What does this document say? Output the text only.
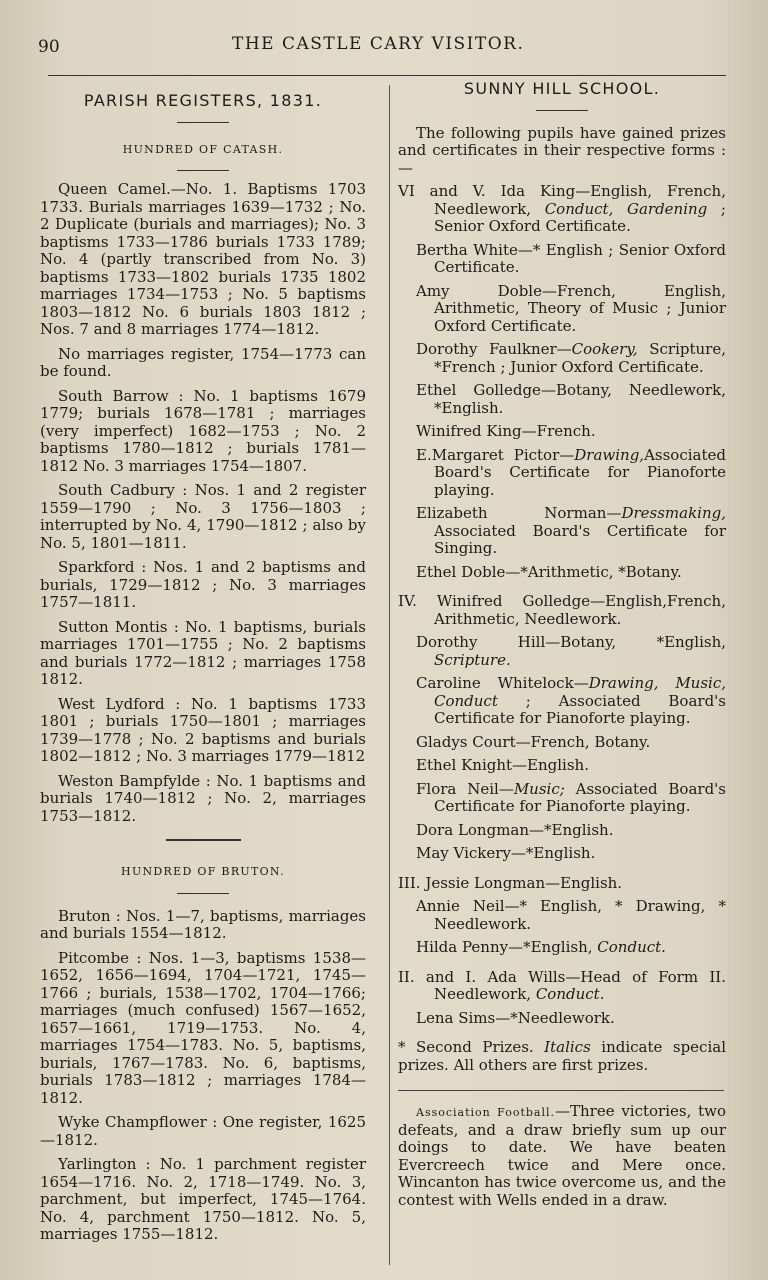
90	THE CASTLE CARY VISITOR.

PARISH REGISTERS, 1831.

HUNDRED OF CATASH.

Queen Camel.—No. 1. Baptisms 1703 1733. Burials marriages 1639—1732 ; No. 2 Duplicate (burials and marriages); No. 3 baptisms 1733—1786 burials 1733 1789; No. 4 (partly transcribed from No. 3) baptisms 1733—1802 burials 1735 1802 marriages 1734—1753 ; No. 5 baptisms 1803—1812 No. 6 burials 1803 1812 ; Nos. 7 and 8 marriages 1774—1812.

No marriages register, 1754—1773 can be found.

South Barrow : No. 1 baptisms 1679 1779; burials 1678—1781 ; marriages (very imperfect) 1682—1753 ; No. 2 baptisms 1780—1812 ; burials 1781—1812 No. 3 marriages 1754—1807.

South Cadbury : Nos. 1 and 2 register 1559—1790 ; No. 3 1756—1803 ; interrupted by No. 4, 1790—1812 ; also by No. 5, 1801—1811.

Sparkford : Nos. 1 and 2 baptisms and burials, 1729—1812 ; No. 3 marriages 1757—1811.

Sutton Montis : No. 1 baptisms, burials marriages 1701—1755 ; No. 2 baptisms and burials 1772—1812 ; marriages 1758 1812.

West Lydford : No. 1 baptisms 1733 1801 ; burials 1750—1801 ; marriages 1739—1778 ; No. 2 baptisms and burials 1802—1812 ; No. 3 marriages 1779—1812

Weston Bampfylde : No. 1 baptisms and burials 1740—1812 ; No. 2, marriages 1753—1812.

HUNDRED OF BRUTON.

Bruton : Nos. 1—7, baptisms, marriages and burials 1554—1812.

Pitcombe : Nos. 1—3, baptisms 1538—1652, 1656—1694, 1704—1721, 1745—1766 ; burials, 1538—1702, 1704—1766; marriages (much confused) 1567—1652, 1657—1661, 1719—1753. No. 4, marriages 1754—1783. No. 5, baptisms, burials, 1767—1783. No. 6, baptisms, burials 1783—1812 ; marriages 1784—1812.

Wyke Champflower : One register, 1625—1812.

Yarlington : No. 1 parchment register 1654—1716. No. 2, 1718—1749. No. 3, parchment, but imperfect, 1745—1764. No. 4, parchment 1750—1812. No. 5, marriages 1755—1812.

SUNNY HILL SCHOOL.

The following pupils have gained prizes and certificates in their respective forms :—

VI and V. Ida King—English, French, Needlework, Conduct, Gardening ; Senior Oxford Certificate.

Bertha White—* English ; Senior Oxford Certificate.

Amy Doble—French, English, Arithmetic, Theory of Music ; Junior Oxford Certificate.

Dorothy Faulkner—Cookery, Scripture, *French ; Junior Oxford Certificate.

Ethel Golledge—Botany, Needlework, *English.

Winifred King—French.

E.Margaret Pictor—Drawing,Associated Board's Certificate for Pianoforte playing.

Elizabeth Norman—Dressmaking, Associated Board's Certificate for Singing.

Ethel Doble—*Arithmetic, *Botany.

IV. Winifred Golledge—English,French, Arithmetic, Needlework.

Dorothy Hill—Botany, *English, Scripture.

Caroline Whitelock—Drawing, Music, Conduct ; Associated Board's Certificate for Pianoforte playing.

Gladys Court—French, Botany.

Ethel Knight—English.

Flora Neil—Music; Associated Board's Certificate for Pianoforte playing.

Dora Longman—*English.

May Vickery—*English.

III. Jessie Longman—English.

Annie Neil—* English, * Drawing, * Needlework.

Hilda Penny—*English, Conduct.

II. and I. Ada Wills—Head of Form II. Needlework, Conduct.

Lena Sims—*Needlework.

* Second Prizes. Italics indicate special prizes. All others are first prizes.

Association Football.—Three victories, two defeats, and a draw briefly sum up our doings to date. We have beaten Evercreech twice and Mere once. Wincanton has twice overcome us, and the contest with Wells ended in a draw.
